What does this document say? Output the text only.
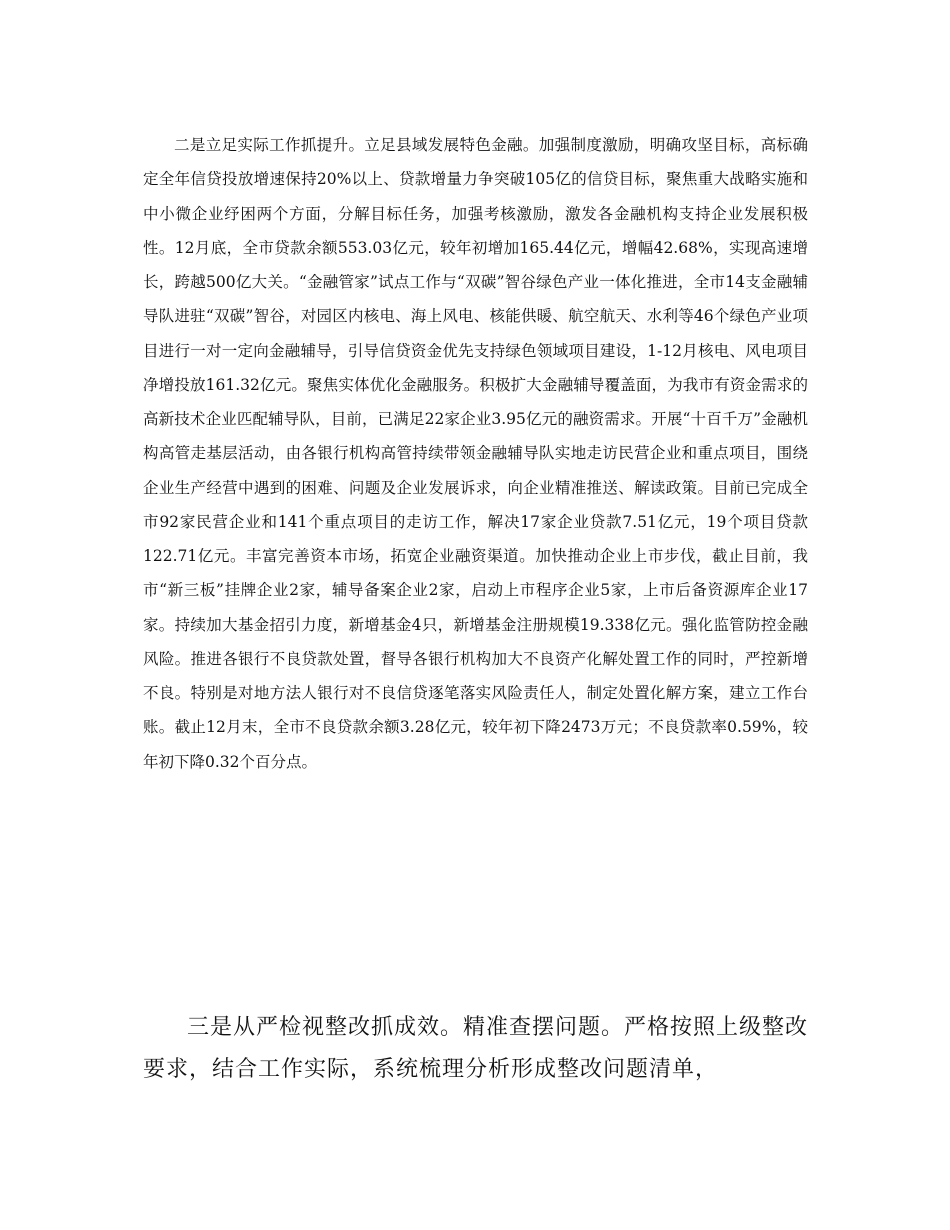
二是立足实际工作抓提升。立足县域发展特色金融。加强制度激励，明确攻坚目标，高标确定全年信贷投放增速保持20%以上、贷款增量力争突破105亿的信贷目标，聚焦重大战略实施和中小微企业纾困两个方面，分解目标任务，加强考核激励，激发各金融机构支持企业发展积极性。12月底，全市贷款余额553.03亿元，较年初增加165.44亿元，增幅42.68%，实现高速增长，跨越500亿大关。“金融管家”试点工作与“双碳”智谷绿色产业一体化推进，全市14支金融辅导队进驻“双碳”智谷，对园区内核电、海上风电、核能供暖、航空航天、水利等46个绿色产业项目进行一对一定向金融辅导，引导信贷资金优先支持绿色领域项目建设，1-12月核电、风电项目净增投放161.32亿元。聚焦实体优化金融服务。积极扩大金融辅导覆盖面，为我市有资金需求的高新技术企业匹配辅导队，目前，已满足22家企业3.95亿元的融资需求。开展“十百千万”金融机构高管走基层活动，由各银行机构高管持续带领金融辅导队实地走访民营企业和重点项目，围绕企业生产经营中遇到的困难、问题及企业发展诉求，向企业精准推送、解读政策。目前已完成全市92家民营企业和141个重点项目的走访工作，解决17家企业贷款7.51亿元，19个项目贷款122.71亿元。丰富完善资本市场，拓宽企业融资渠道。加快推动企业上市步伐，截止目前，我市“新三板”挂牌企业2家，辅导备案企业2家，启动上市程序企业5家，上市后备资源库企业17家。持续加大基金招引力度，新增基金4只，新增基金注册规模19.338亿元。强化监管防控金融风险。推进各银行不良贷款处置，督导各银行机构加大不良资产化解处置工作的同时，严控新增不良。特别是对地方法人银行对不良信贷逐笔落实风险责任人，制定处置化解方案，建立工作台账。截止12月末，全市不良贷款余额3.28亿元，较年初下降2473万元；不良贷款率0.59%，较年初下降0.32个百分点。

三是从严检视整改抓成效。精准查摆问题。严格按照上级整改要求，结合工作实际，系统梳理分析形成整改问题清单，
